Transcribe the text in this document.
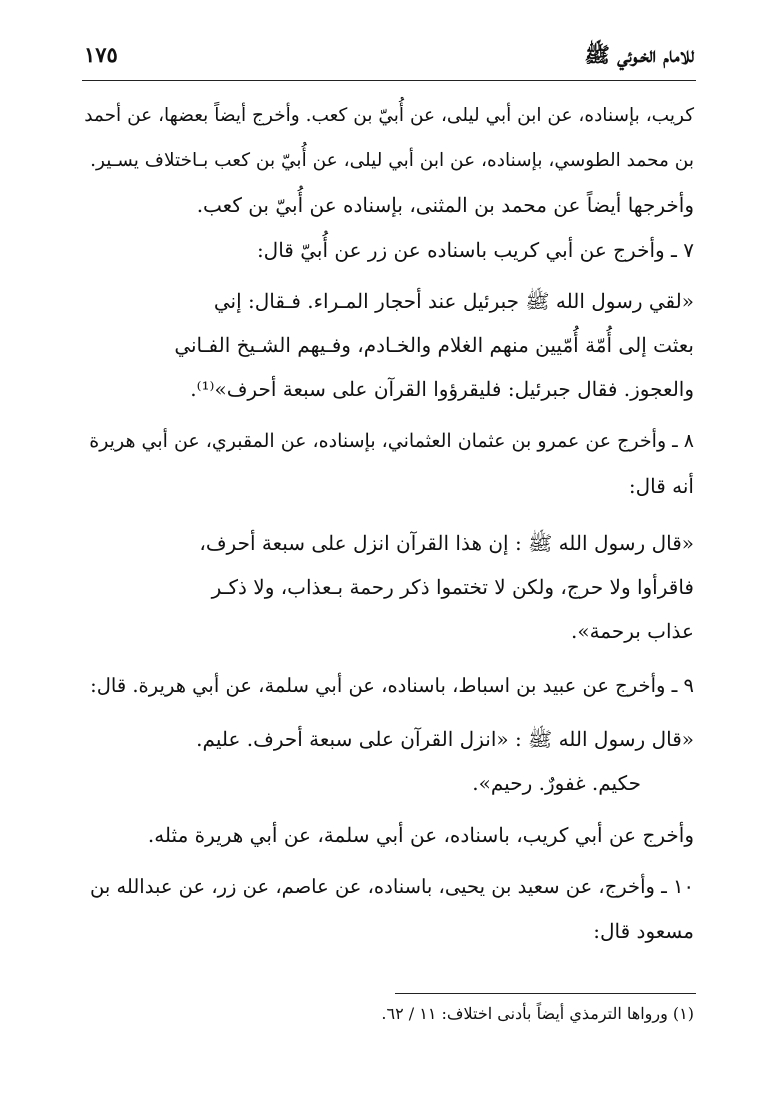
للامام الخـوئي ﷺ
١٧٥
كريب، بإسناده، عن ابن أبي ليلى، عن أُبيّ بن كعب. وأخرج أيضاً بعضها، عن أحمد
بن محمد الطوسي، بإسناده، عن ابن أبي ليلى، عن أُبيّ بن كعب بـاختلاف يسـير.
وأخرجها أيضاً عن محمد بن المثنى، بإسناده عن أُبيّ بن كعب.
٧ ـ وأخرج عن أبي كريب باسناده عن زر عن أُبيّ قال:
«لقي رسول الله ﷺ جبرئيل عند أحجار المـراء. فـقال: إني
بعثت إلى أُمّة أُمّيين منهم الغلام والخـادم، وفـيهم الشـيخ الفـاني
والعجوز. فقال جبرئيل: فليقرؤوا القرآن على سبعة أحرف»⁽¹⁾.
٨ ـ وأخرج عن عمرو بن عثمان العثماني، بإسناده، عن المقبري، عن أبي هريرة
أنه قال:
«قال رسول الله ﷺ : إن هذا القرآن انزل على سبعة أحرف،
فاقرأوا ولا حرج، ولكن لا تختموا ذكر رحمة بـعذاب، ولا ذكـر
عذاب برحمة».
٩ ـ وأخرج عن عبيد بن اسباط، باسناده، عن أبي سلمة، عن أبي هريرة. قال:
«قال رسول الله ﷺ : «انزل القرآن على سبعة أحرف. عليم.
حكيم. غفورٌ. رحيم».
وأخرج عن أبي كريب، باسناده، عن أبي سلمة، عن أبي هريرة مثله.
١٠ ـ وأخرج، عن سعيد بن يحيى، باسناده، عن عاصم، عن زر، عن عبدالله بن
مسعود قال:
(١) ورواها الترمذي أيضاً بأدنى اختلاف: ١١ / ٦٢.
